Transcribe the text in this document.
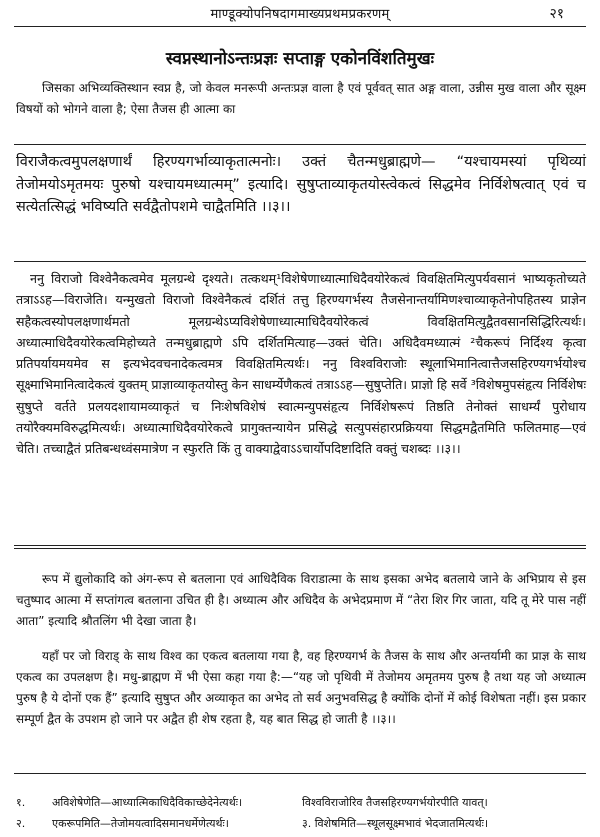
माण्डूक्योपनिषदागमाख्यप्रथमप्रकरणम्	२१
स्वप्नस्थानोऽन्तःप्रज्ञः सप्ताङ्ग एकोनविंशतिमुखः

जिसका अभिव्यक्तिस्थान स्वप्न है, जो केवल मनरूपी अन्तःप्रज्ञ वाला है एवं पूर्ववत् सात अङ्ग वाला, उन्नीस मुख वाला और सूक्ष्म विषयों को भोगने वाला है; ऐसा तैजस ही आत्मा का

विराजैकत्वमुपलक्षणार्थं हिरण्यगर्भाव्याकृतात्मनोः। उक्तं चैतन्मधुब्राह्मणे— “यश्चायमस्यां पृथिव्यां तेजोमयोऽमृतमयः पुरुषो यश्चायमध्यात्मम्” इत्यादि। सुषुप्ताव्याकृतयोस्त्वेकत्वं सिद्धमेव निर्विशेषत्वात् एवं च सत्येतत्सिद्धं भविष्यति सर्वद्वैतोपशमे चाद्वैतमिति ।।३।।

ननु विराजो विश्वेनैकत्वमेव मूलग्रन्थे दृश्यते। तत्कथम्¹विशेषेणाध्यात्माधिदैवयोरेकत्वं विवक्षितमित्युपर्यवसानं भाष्यकृतोच्यते तत्राऽऽह—विराजेति। यन्मुखतो विराजो विश्वेनैकत्वं दर्शितं तत्तु हिरण्यगर्भस्य तैजसेनान्तर्यामिणश्चाव्याकृतेनोपहितस्य प्राज्ञेन सहैकत्वस्योपलक्षणार्थमतो मूलग्रन्थेऽप्यविशेषेणाध्यात्माधिदैवयोरेकत्वं विवक्षितमित्युद्वैतवसानसिद्धिरित्यर्थः। अध्यात्माधिदैवयोरेकत्वमिहोच्यते तन्मधुब्राह्मणे ऽपि दर्शितमित्याह—उक्तं चेति। अधिदैवमध्यात्मं ²चैकरूपं निर्दिश्य कृत्वा प्रतिपर्यायमयमेव स इत्यभेदवचनादेकत्वमत्र विवक्षितमित्यर्थः। ननु विश्वविराजोः स्थूलाभिमानित्वात्तैजसहिरण्यगर्भयोश्च सूक्ष्माभिमानित्वादेकत्वं युक्तम् प्राज्ञाव्याकृतयोस्तु केन साधर्म्येणैकत्वं तत्राऽऽह—सुषुप्तेति। प्राज्ञो हि सर्वे ³विशेषमुपसंहृत्य निर्विशेषः सुषुप्ते वर्तते प्रलयदशायामव्याकृतं च निःशेषविशेषं स्वात्मन्युपसंहृत्य निर्विशेषरूपं तिष्ठति तेनोक्तं साधर्म्यं पुरोधाय तयोरैक्यमविरुद्धमित्यर्थः। अध्यात्माधिदैवयोरेकत्वे प्रागुक्तन्यायेन प्रसिद्धे सत्युपसंहारप्रक्रियया सिद्धमद्वैतमिति फलितमाह—एवं चेति। तच्चाद्वैतं प्रतिबन्धध्वंसमात्रेण न स्फुरति किं तु वाक्याद्वेवाऽऽचार्योपदिष्टादिति वक्तुं चशब्दः ।।३।।

रूप में द्युलोकादि को अंग-रूप से बतलाना एवं आधिदैविक विराडात्मा के साथ इसका अभेद बतलाये जाने के अभिप्राय से इस चतुष्पाद आत्मा में सप्तांगत्व बतलाना उचित ही है। अध्यात्म और अधिदैव के अभेदप्रमाण में “तेरा शिर गिर जाता, यदि तू मेरे पास नहीं आता” इत्यादि श्रौतलिंग भी देखा जाता है।

यहाँ पर जो विराड् के साथ विश्व का एकत्व बतलाया गया है, वह हिरण्यगर्भ के तैजस के साथ और अन्तर्यामी का प्राज्ञ के साथ एकत्व का उपलक्षण है। मधु-ब्राह्मण में भी ऐसा कहा गया है:—“यह जो पृथिवी में तेजोमय अमृतमय पुरुष है तथा यह जो अध्यात्म पुरुष है ये दोनों एक हैं” इत्यादि सुषुप्त और अव्याकृत का अभेद तो सर्व अनुभवसिद्ध है क्योंकि दोनों में कोई विशेषता नहीं। इस प्रकार सम्पूर्ण द्वैत के उपशम हो जाने पर अद्वैत ही शेष रहता है, यह बात सिद्ध हो जाती है ।।३।।

१.	अविशेषेणेति—आध्यात्मिकाधिदैविकाच्छेदेनेत्यर्थः।	विश्वविराजोरिव तैजसहिरण्यगर्भयोरपीति यावत्।
२.	एकरूपमिति—तेजोमयत्वादिसमानधर्मेणेत्यर्थः।	३. विशेषमिति—स्थूलसूक्ष्मभावं भेदजातमित्यर्थः।
